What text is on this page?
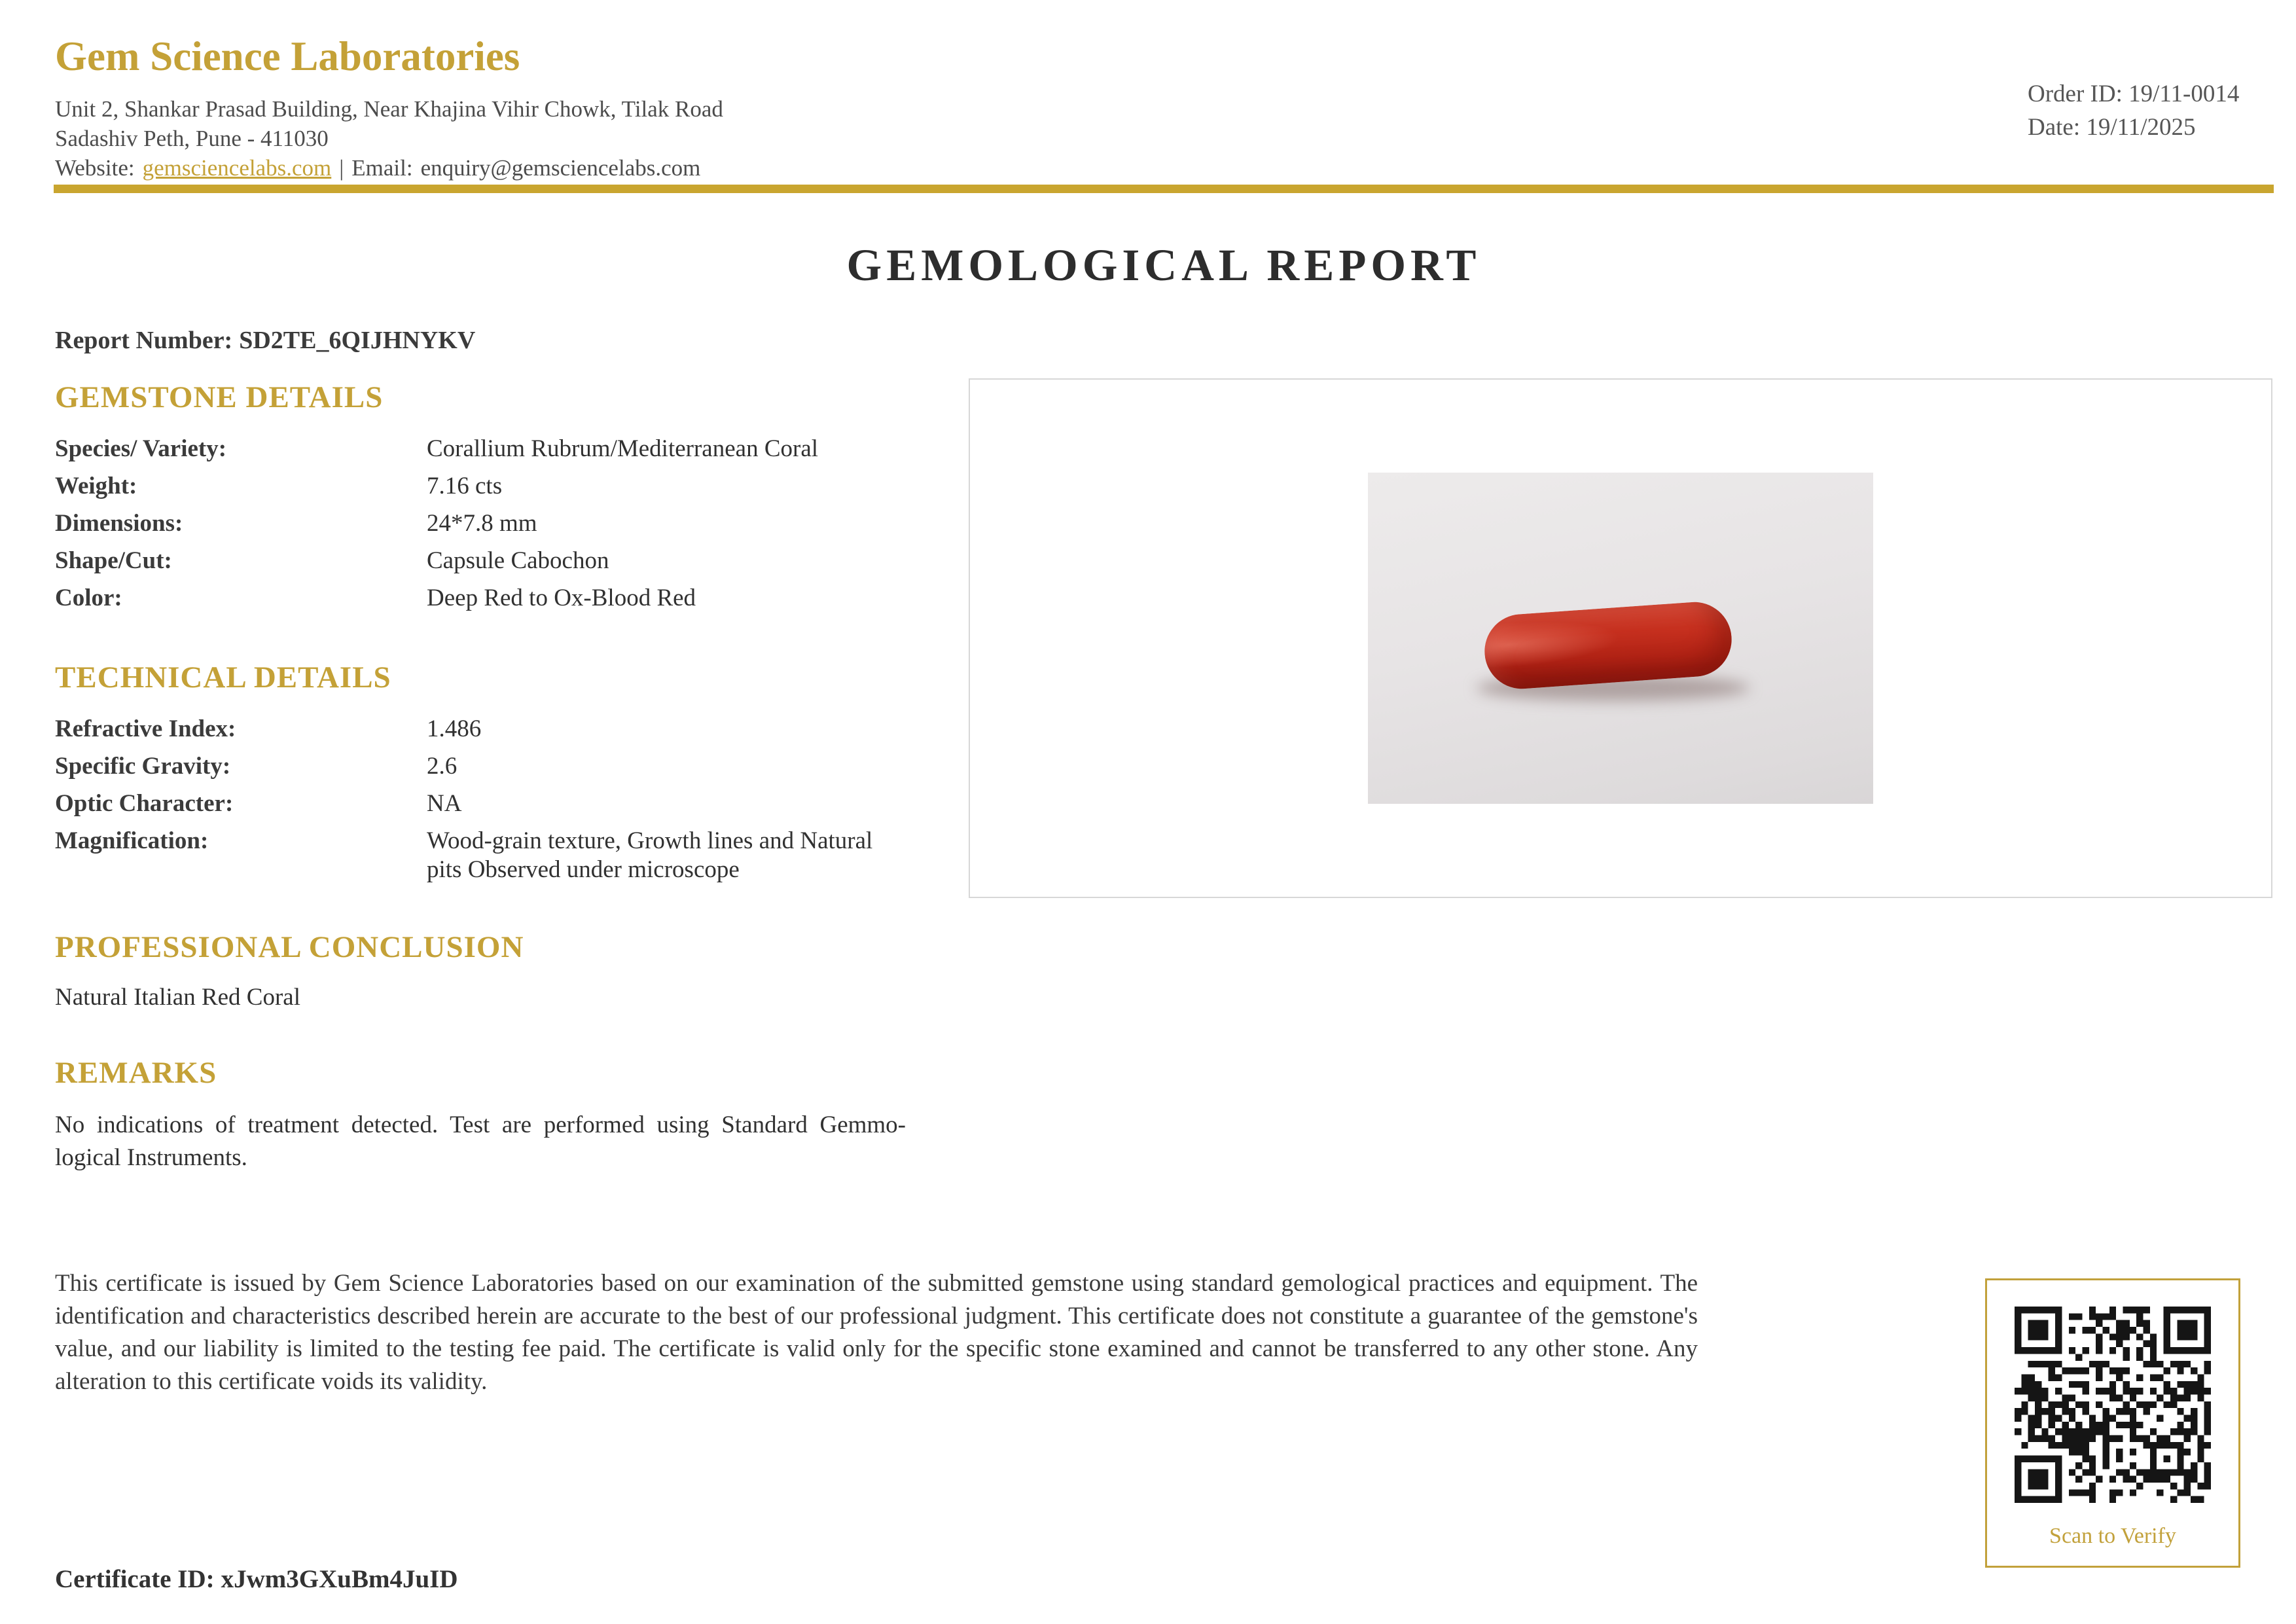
Gem Science Laboratories
Unit 2, Shankar Prasad Building, Near Khajina Vihir Chowk, Tilak Road
Sadashiv Peth, Pune - 411030
Website: gemsciencelabs.com | Email: enquiry@gemsciencelabs.com
Order ID: 19/11-0014
Date: 19/11/2025
GEMOLOGICAL REPORT
Report Number: SD2TE_6QIJHNYKV
GEMSTONE DETAILS
Species/ Variety:	Corallium Rubrum/Mediterranean Coral
Weight:	7.16 cts
Dimensions:	24*7.8 mm
Shape/Cut:	Capsule Cabochon
Color:	Deep Red to Ox-Blood Red
TECHNICAL DETAILS
Refractive Index:	1.486
Specific Gravity:	2.6
Optic Character:	NA
Magnification:	Wood-grain texture, Growth lines and Natural pits Observed under microscope
PROFESSIONAL CONCLUSION
Natural Italian Red Coral
REMARKS
No indications of treatment detected. Test are performed using Standard Gemmo-
logical Instruments.
This certificate is issued by Gem Science Laboratories based on our examination of the submitted gemstone using standard gemological practices and equipment. The identification and characteristics described herein are accurate to the best of our professional judgment. This certificate does not constitute a guarantee of the gemstone's value, and our liability is limited to the testing fee paid. The certificate is valid only for the specific stone examined and cannot be transferred to any other stone. Any alteration to this certificate voids its validity.
Certificate ID: xJwm3GXuBm4JuID
Scan to Verify
